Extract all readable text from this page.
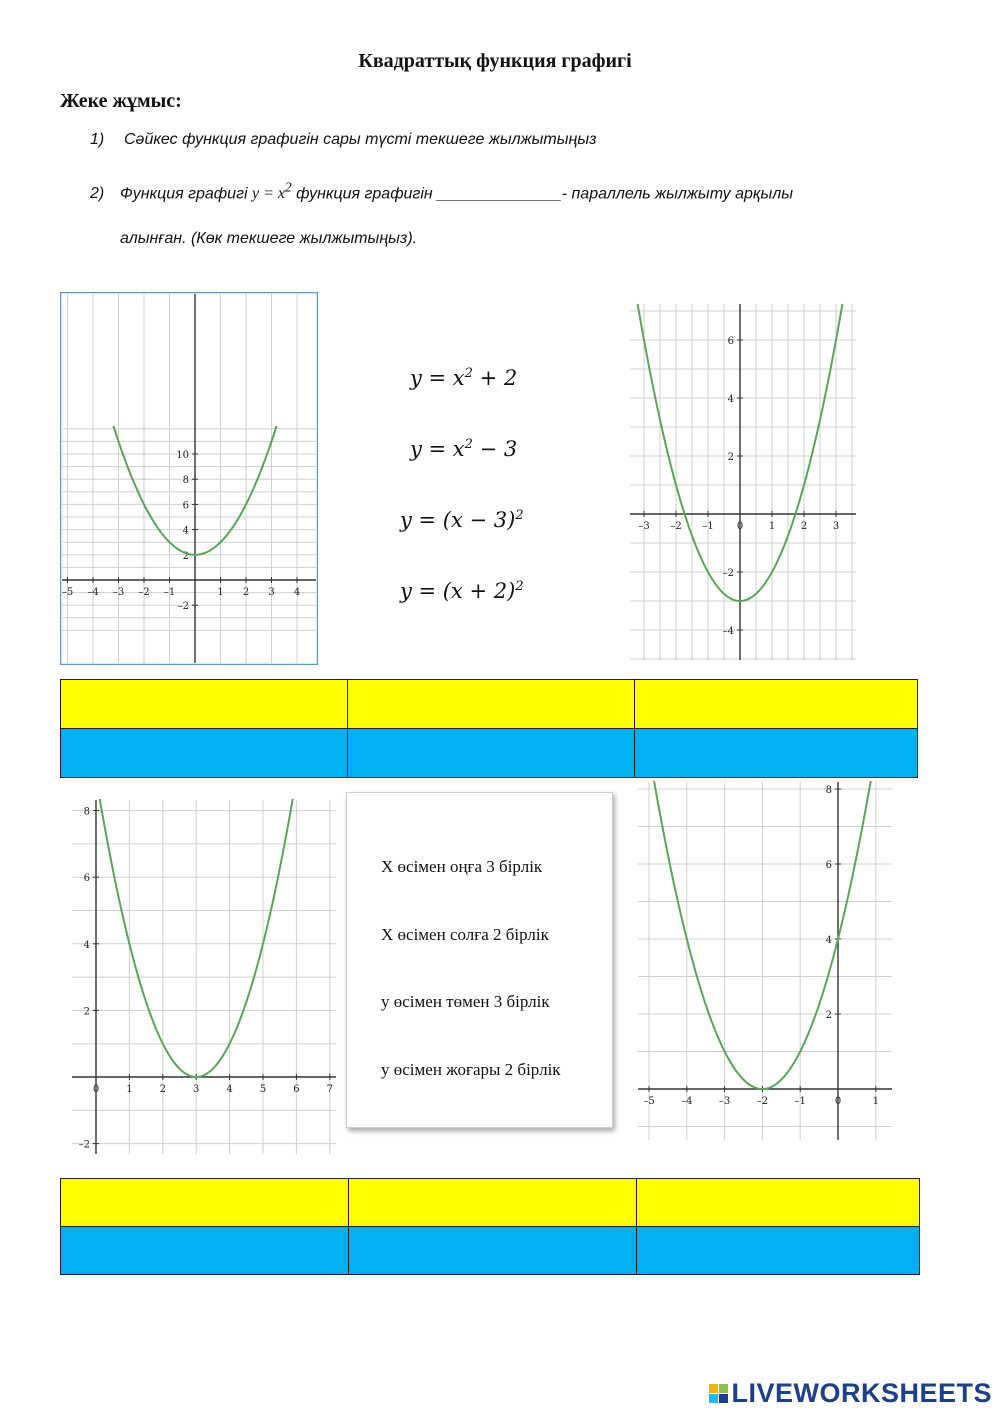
Квадраттық функция графигі
Жеке жұмыс:
1) Сәйкес функция графигін сары түсті текшеге жылжытыңыз
2) Функция графигі $y = x^2$ функция графигін ______________- параллель жылжыту арқылы
алынған. (Көк текшеге жылжытыңыз).
–5 –4 –3 –2 –1	1 2 3 4
10
8
6
4
2
–2
$y = x^2 + 2$
$y = x^2 - 3$
$y = (x - 3)^2$
$y = (x + 2)^2$
–3 –2 –1 0	1	2	3
6
4
2
–2
–4

0	1	2	3	4	5	6	7
8
6
4
2
–2
Х өсімен оңға 3 бірлік
Х өсімен солға 2 бірлік
у өсімен төмен 3 бірлік
у өсімен жоғары 2 бірлік
–5	–4	–3	–2	–1	0	1
8
6
4
2

LIVEWORKSHEETS
